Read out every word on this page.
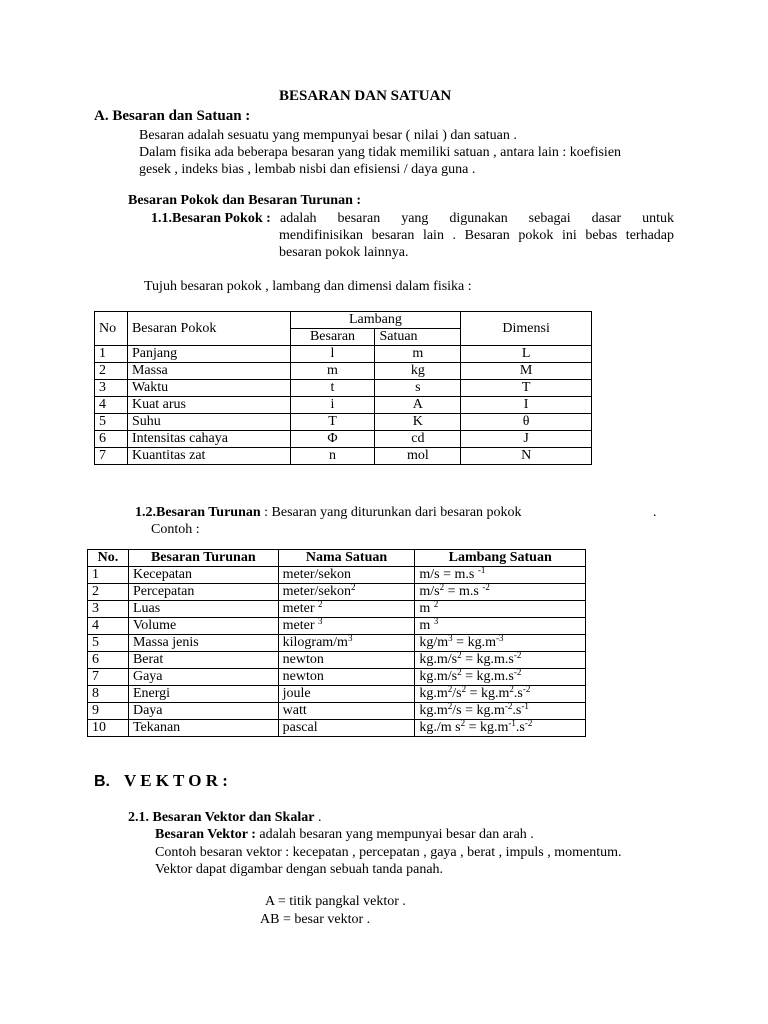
BESARAN DAN SATUAN
A. Besaran dan Satuan :
Besaran adalah sesuatu yang mempunyai besar ( nilai ) dan satuan .
Dalam fisika ada beberapa besaran yang tidak memiliki satuan , antara lain : koefisien
gesek , indeks bias , lembab nisbi dan efisiensi / daya guna .
Besaran Pokok dan Besaran Turunan :
1.1.Besaran Pokok : adalah besaran yang digunakan sebagai dasar untuk
mendifinisikan besaran lain . Besaran pokok ini bebas terhadap
besaran pokok lainnya.
Tujuh besaran pokok , lambang dan dimensi dalam fisika :
No	Besaran Pokok	Lambang		Dimensi
		Besaran	Satuan	
1	Panjang	l	m	L
2	Massa	m	kg	M
3	Waktu	t	s	T
4	Kuat arus	i	A	I
5	Suhu	T	K	θ
6	Intensitas cahaya	Φ	cd	J
7	Kuantitas zat	n	mol	N
1.2.Besaran Turunan : Besaran yang diturunkan dari besaran pokok	.
Contoh :
No.	Besaran Turunan	Nama Satuan	Lambang Satuan
1	Kecepatan	meter/sekon	m/s = m.s $^{-1}$
2	Percepatan	meter/sekon$^2$	$m/s^2 = m.s$ $^{-2}$
3	Luas	meter $^2$	m $^2$
4	Volume	meter $^3$	m $^3$
5	Massa jenis	kilogram/$m^3$	$kg/m^3 = kg.m^{-3}$
6	Berat	newton	$kg.m/s^2 = kg.m.s^{-2}$
7	Gaya	newton	$kg.m/s^2 = kg.m.s^{-2}$
8	Energi	joule	$kg.m^2/s^2 = kg.m^2.s^{-2}$
9	Daya	watt	$kg.m^2/s = kg.m^{-2}.s^{-1}$
10	Tekanan	pascal	kg./m $s^2 = kg.m^{-1}.s^{-2}$
B. V E K T O R :
2.1. Besaran Vektor dan Skalar .
Besaran Vektor : adalah besaran yang mempunyai besar dan arah .
Contoh besaran vektor : kecepatan , percepatan , gaya , berat , impuls , momentum.
Vektor dapat digambar dengan sebuah tanda panah.
A = titik pangkal vektor .
AB = besar vektor .
